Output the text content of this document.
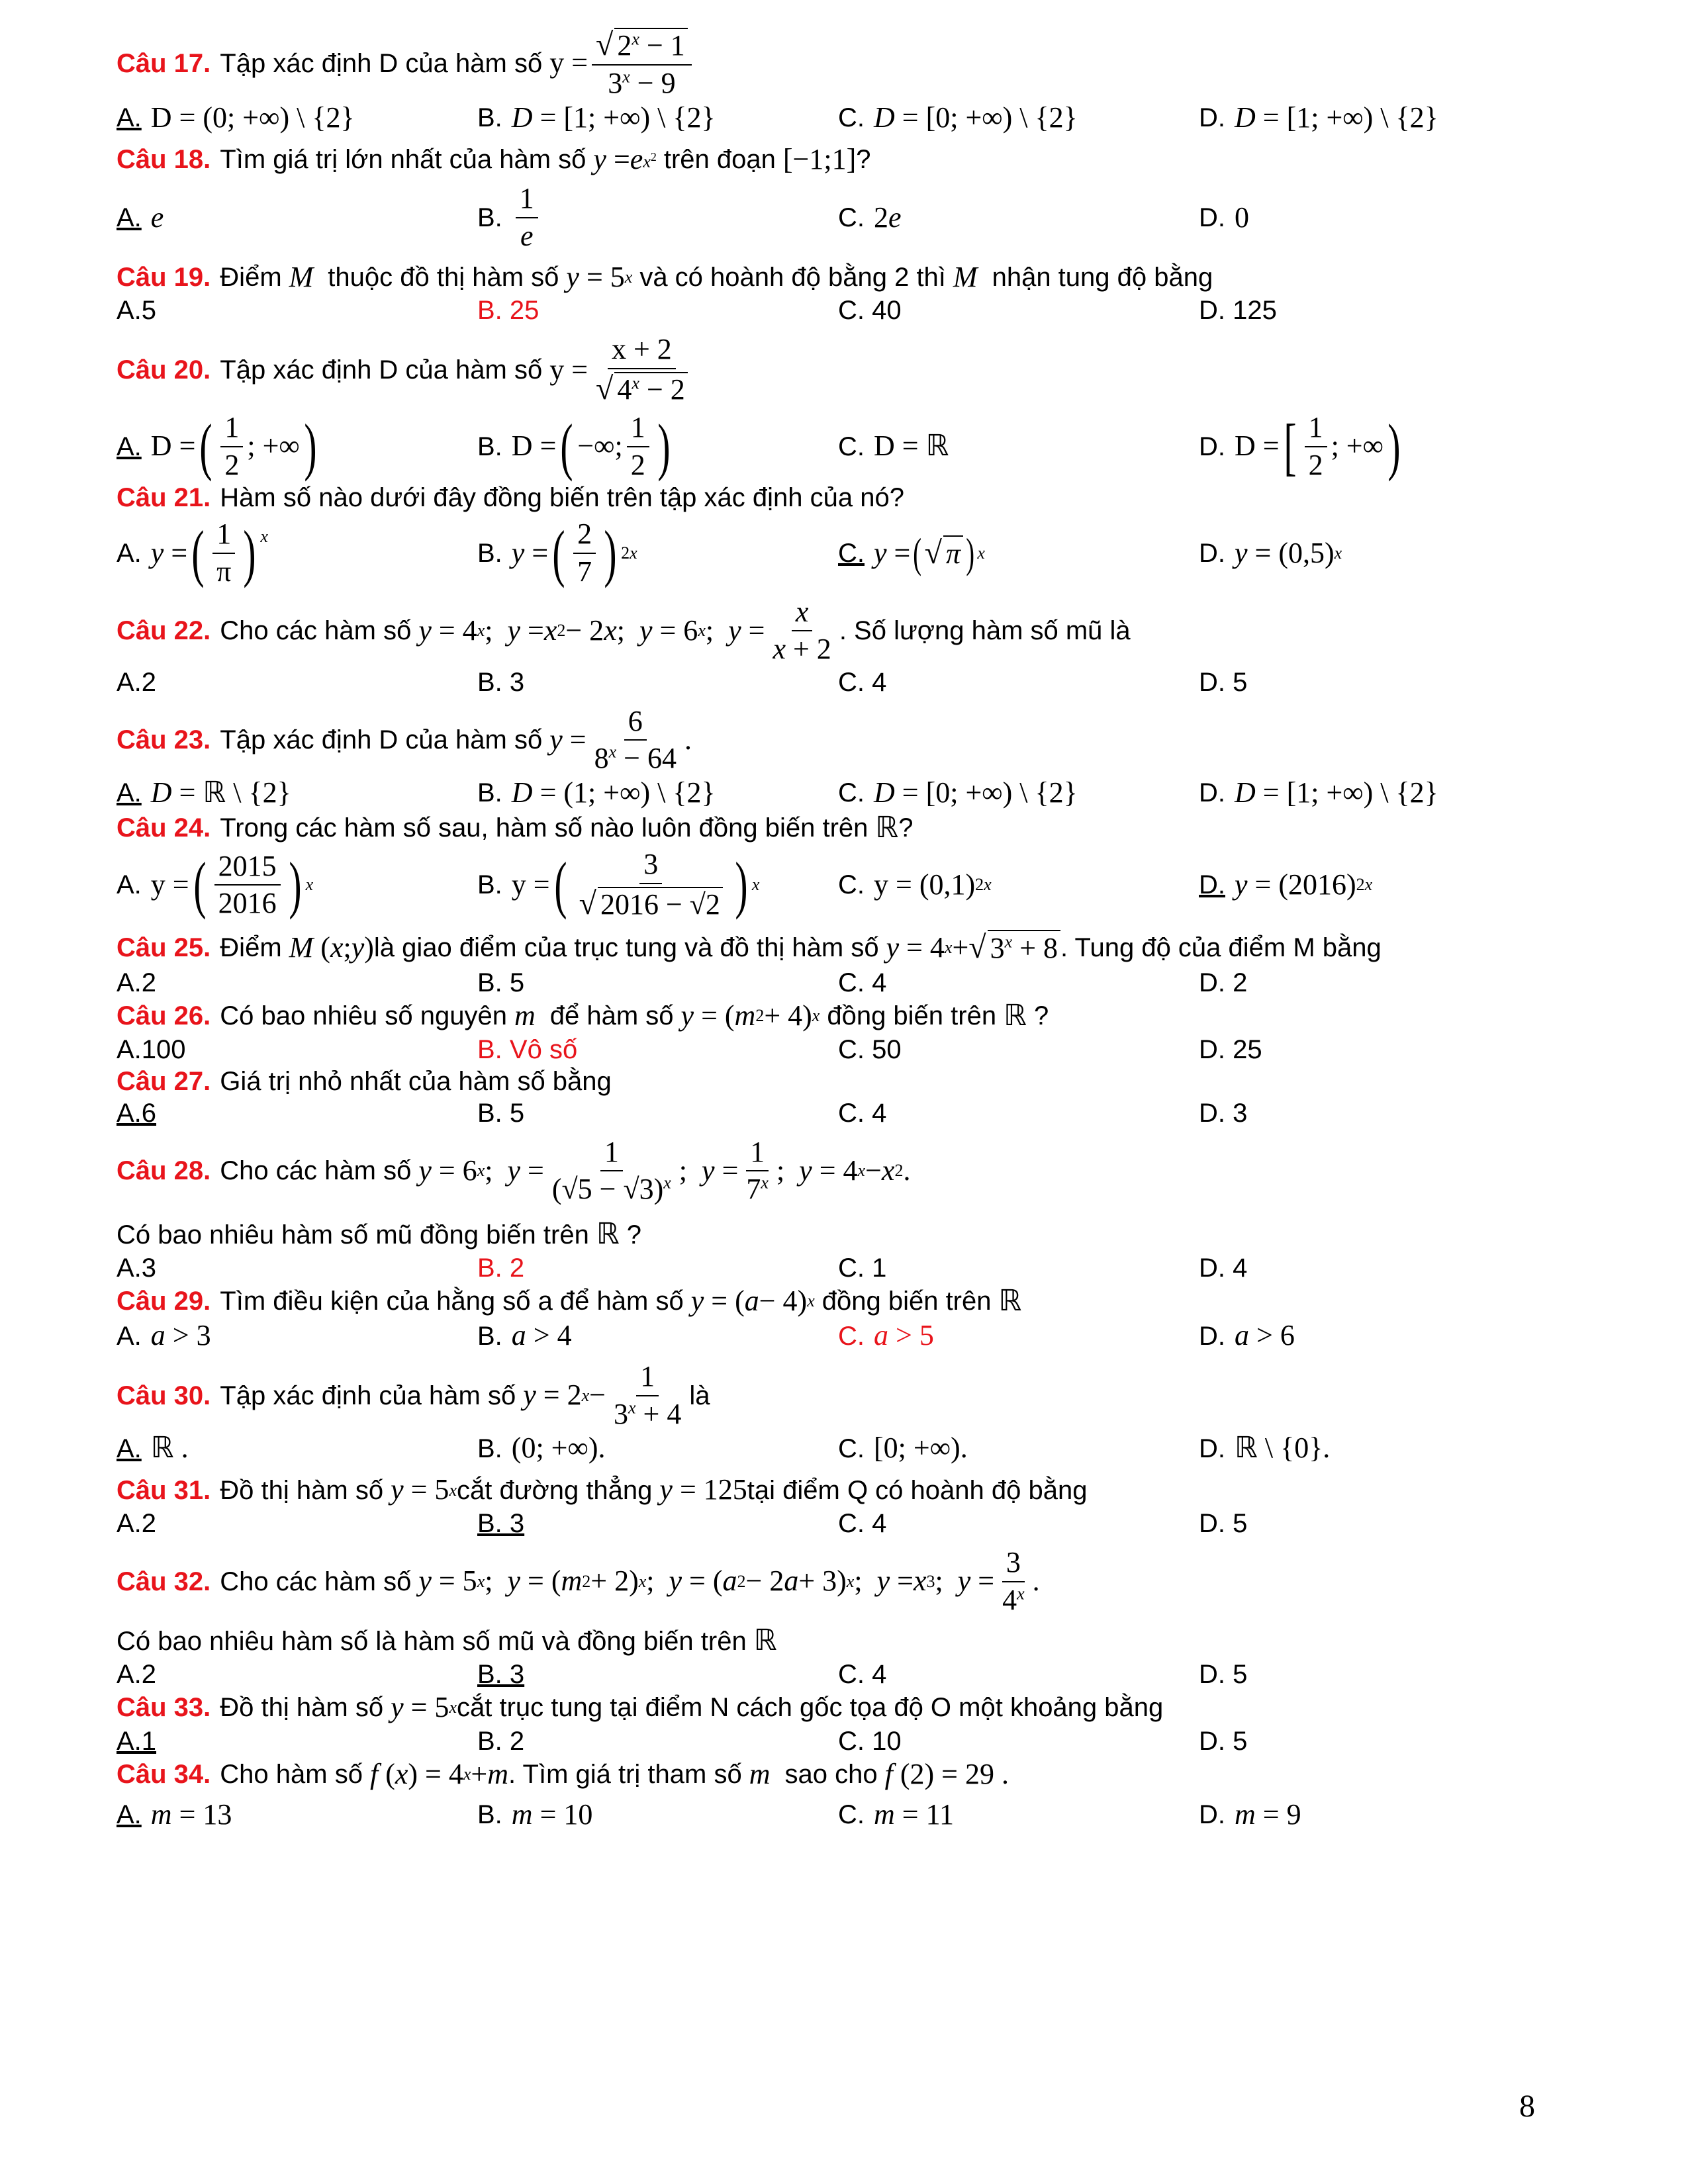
Câu 17. Tập xác định D của hàm số $y = \frac{√ 2^x - 1}{3^x - 9}$
A. D = (0; +∞) \ {2}	B. D = [1; +∞) \ {2}	C. D = [0; +∞) \ {2}	D. D = [1; +∞) \ {2}
Câu 18. Tìm giá trị lớn nhất của hàm số
y = e $x^2$
trên đoạn [−1;1] ?
A. e	B. $\frac{1}{e}$	C. 2 e	D. 0
Câu 19. Điểm
M
thuộc đồ thị hàm số
y = 5 x
và có hoành độ bằng 2 thì
M
nhận tung độ bằng
A.5	B. 25	C. 40	D. 125
Câu 20. Tập xác định D của hàm số $y = \frac{x + 2}{√ 4^x - 2}$
A. D = ( $\frac{1}{2}$ ; +∞ )	B. D = ( −∞; $\frac{1}{2}$ )	C. D = ℝ	D. D = [ $\frac{1}{2}$ ; +∞ )
Câu 21. Hàm số nào dưới đây đồng biến trên tập xác định của nó?
A. y = ( $\frac{1}{\pi}$ ) x
B. y = ( $\frac{2}{7}$ ) 2x	C. y = ( √ π ) x	D. y = (0,5) x
Câu 22. Cho các hàm số
y = 4 x ; y = x 2 − 2 x ; y = 6 x ; $y = \frac{x}{x + 2}$ . Số lượng hàm số mũ là
A.2	B. 3	C. 4	D. 5
Câu 23. Tập xác định D của hàm số
$y = \frac{6}{8^x - 64}$ .
A. D = ℝ \ {2}	B. D = (1; +∞) \ {2}	C. D = [0; +∞) \ {2}	D. D = [1; +∞) \ {2}
Câu 24. Trong các hàm số sau, hàm số nào luôn đồng biến trên ℝ ?
A. y = ( $\frac{2015}{2016}$ ) x	B. y = ( $\frac{3}{√ 2016 - √2}$ ) x	C. y = (0,1) 2x	D. y = (2016) 2x
Câu 25. Điểm
M ( x ; y ) là giao điểm của trục tung và đồ thị hàm số
y = 4 x + √ $3^x + 8$ . Tung độ của điểm M bằng
A.2	B. 5	C. 4	D. 2
Câu 26. Có bao nhiêu số nguyên
m
để hàm số
y = ( m 2 + 4) x
đồng biến trên ℝ ?
A.100	B. Vô số	C. 50	D. 25
Câu 27. Giá trị nhỏ nhất của hàm số bằng
A.6	B. 5	C. 4	D. 3
Câu 28. Cho các hàm số
y = 6 x ; $y = \frac{1}{(√5 - √3)^x}$ ; $y = \frac{1}{7^x}$ ; y = 4 x − x 2 .
Có bao nhiêu hàm số mũ đồng biến trên ℝ ?
A.3	B. 2	C. 1	D. 4
Câu 29. Tìm điều kiện của hằng số a để hàm số
y = ( a − 4) x
đồng biến trên ℝ
A. a > 3	B. a > 4	C. a > 5	D. a > 6
Câu 30. Tập xác định của hàm số
y = 2 $x - \frac{1}{3^x + 4}$ là
A. ℝ .	B. (0; +∞).	C. [0; +∞).	D. ℝ \ {0}.
Câu 31. Đồ thị hàm số
y = 5 x cắt đường thẳng
y = 125 tại điểm Q có hoành độ bằng
A.2	B. 3	C. 4	D. 5
Câu 32. Cho các hàm số
y = 5 x ; y = ( m 2 + 2) x ; y = ( a 2 − 2 a + 3) x ; y = x 3 ; $y = \frac{3}{4^x}$ .
Có bao nhiêu hàm số là hàm số mũ và đồng biến trên ℝ
A.2	B. 3	C. 4	D. 5
Câu 33. Đồ thị hàm số
y = 5 x cắt trục tung tại điểm N cách gốc tọa độ O một khoảng bằng
A.1	B. 2	C. 10	D. 5
Câu 34. Cho hàm số
f ( x ) = 4 x + m . Tìm giá trị tham số
m
sao cho
f (2) = 29 .
A. m = 13	B. m = 10	C. m = 11	D. m = 9
8
